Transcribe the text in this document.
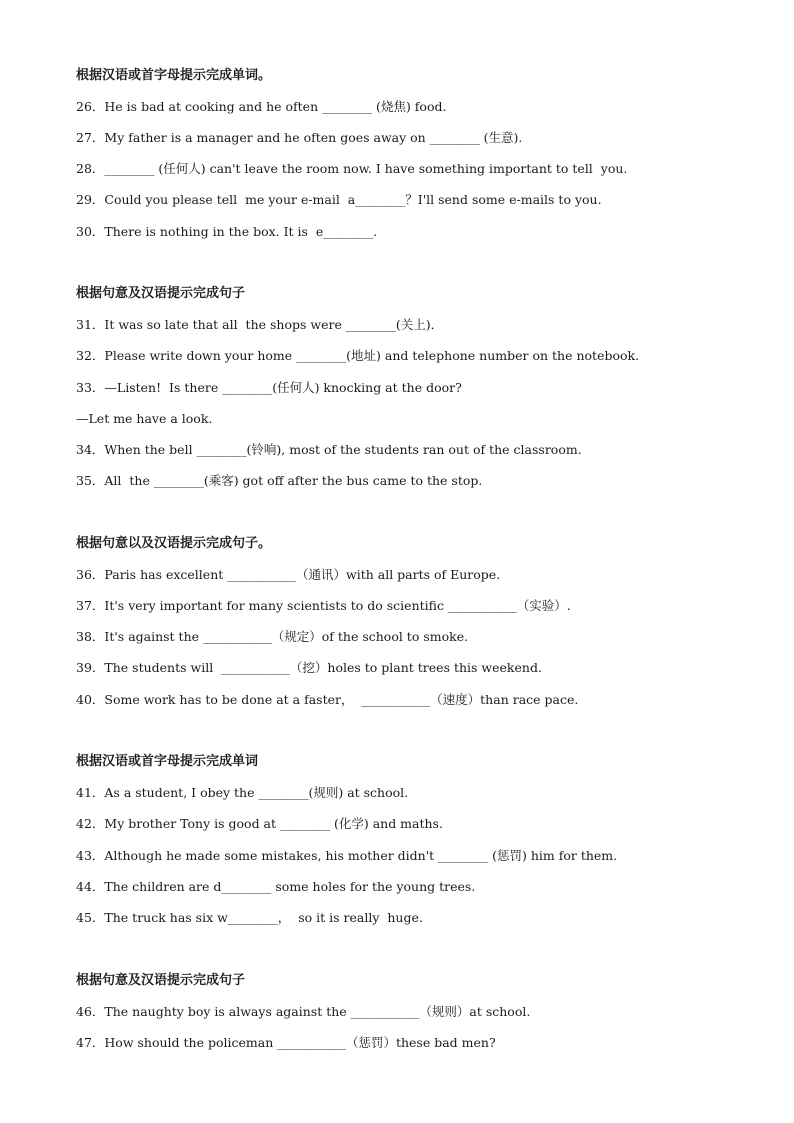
根据汉语或首字母提示完成单词。
26．He is bad at cooking and he often ________ (烧焦) food.
27．My father is a manager and he often goes away on ________ (生意).
28．________ (任何人) can't leave the room now. I have something important to tell  you.
29．Could you please tell  me your e-mail  a________？I'll send some e-mails to you.
30．There is nothing in the box. It is  e________.
根据句意及汉语提示完成句子
31．It was so late that all  the shops were ________(关上)．
32．Please write down your home ________(地址) and telephone number on the notebook.
33．—Listen!  Is there ________(任何人) knocking at the door?
—Let me have a look.
34．When the bell ________(铃响), most of the students ran out of the classroom.
35．All  the ________(乘客) got off after the bus came to the stop.
根据句意以及汉语提示完成句子。
36．Paris has excellent ___________（通讯）with all parts of Europe.
37．It's very important for many scientists to do scientific ___________（实验）.
38．It's against the ___________（规定）of the school to smoke.
39．The students will  ___________（挖）holes to plant trees this weekend.
40．Some work has to be done at a faster，  ___________（速度）than race pace.
根据汉语或首字母提示完成单词
41．As a student, I obey the ________(规则) at school.
42．My brother Tony is good at ________ (化学) and maths.
43．Although he made some mistakes, his mother didn't ________ (惩罚) him for them.
44．The children are d________ some holes for the young trees.
45．The truck has six w________，  so it is really  huge.
根据句意及汉语提示完成句子
46．The naughty boy is always against the ___________（规则）at school.
47．How should the policeman ___________（惩罚）these bad men?
